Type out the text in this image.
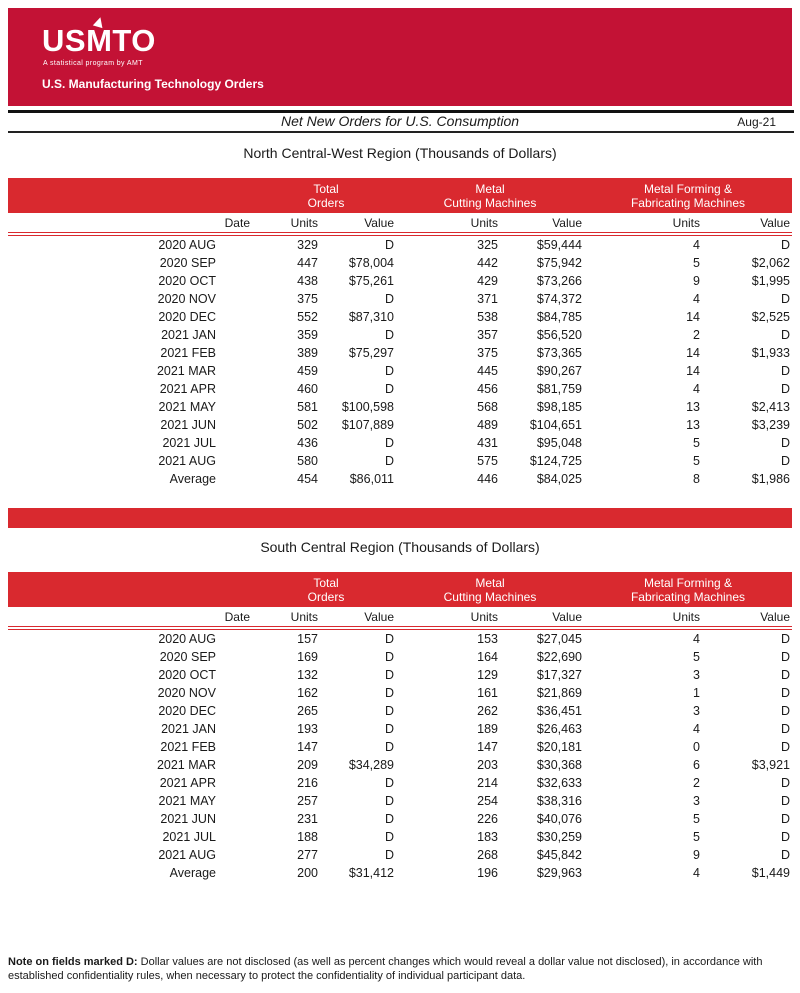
USMTO
A statistical program by AMT
U.S. Manufacturing Technology Orders
Net New Orders for U.S. Consumption	Aug-21
North Central-West Region (Thousands of Dollars)

Total
Orders

Metal
Cutting Machines

Metal Forming &
Fabricating Machines

Date	Units	Value	Units	Value	Units	Value
2020 AUG	329	D	325	$59,444	4	D
2020 SEP	447	$78,004	442	$75,942	5	$2,062
2020 OCT	438	$75,261	429	$73,266	9	$1,995
2020 NOV	375	D	371	$74,372	4	D
2020 DEC	552	$87,310	538	$84,785	14	$2,525
2021 JAN	359	D	357	$56,520	2	D
2021 FEB	389	$75,297	375	$73,365	14	$1,933
2021 MAR	459	D	445	$90,267	14	D
2021 APR	460	D	456	$81,759	4	D
2021 MAY	581	$100,598	568	$98,185	13	$2,413
2021 JUN	502	$107,889	489	$104,651	13	$3,239
2021 JUL	436	D	431	$95,048	5	D
2021 AUG	580	D	575	$124,725	5	D
Average	454	$86,011	446	$84,025	8	$1,986
South Central Region (Thousands of Dollars)

Total
Orders

Metal
Cutting Machines

Metal Forming &
Fabricating Machines

Date	Units	Value	Units	Value	Units	Value
2020 AUG	157	D	153	$27,045	4	D
2020 SEP	169	D	164	$22,690	5	D
2020 OCT	132	D	129	$17,327	3	D
2020 NOV	162	D	161	$21,869	1	D
2020 DEC	265	D	262	$36,451	3	D
2021 JAN	193	D	189	$26,463	4	D
2021 FEB	147	D	147	$20,181	0	D
2021 MAR	209	$34,289	203	$30,368	6	$3,921
2021 APR	216	D	214	$32,633	2	D
2021 MAY	257	D	254	$38,316	3	D
2021 JUN	231	D	226	$40,076	5	D
2021 JUL	188	D	183	$30,259	5	D
2021 AUG	277	D	268	$45,842	9	D
Average	200	$31,412	196	$29,963	4	$1,449
Note on fields marked D: Dollar values are not disclosed (as well as percent changes which would reveal a dollar value not disclosed), in accordance with established confidentiality rules, when necessary to protect the confidentiality of individual participant data.
